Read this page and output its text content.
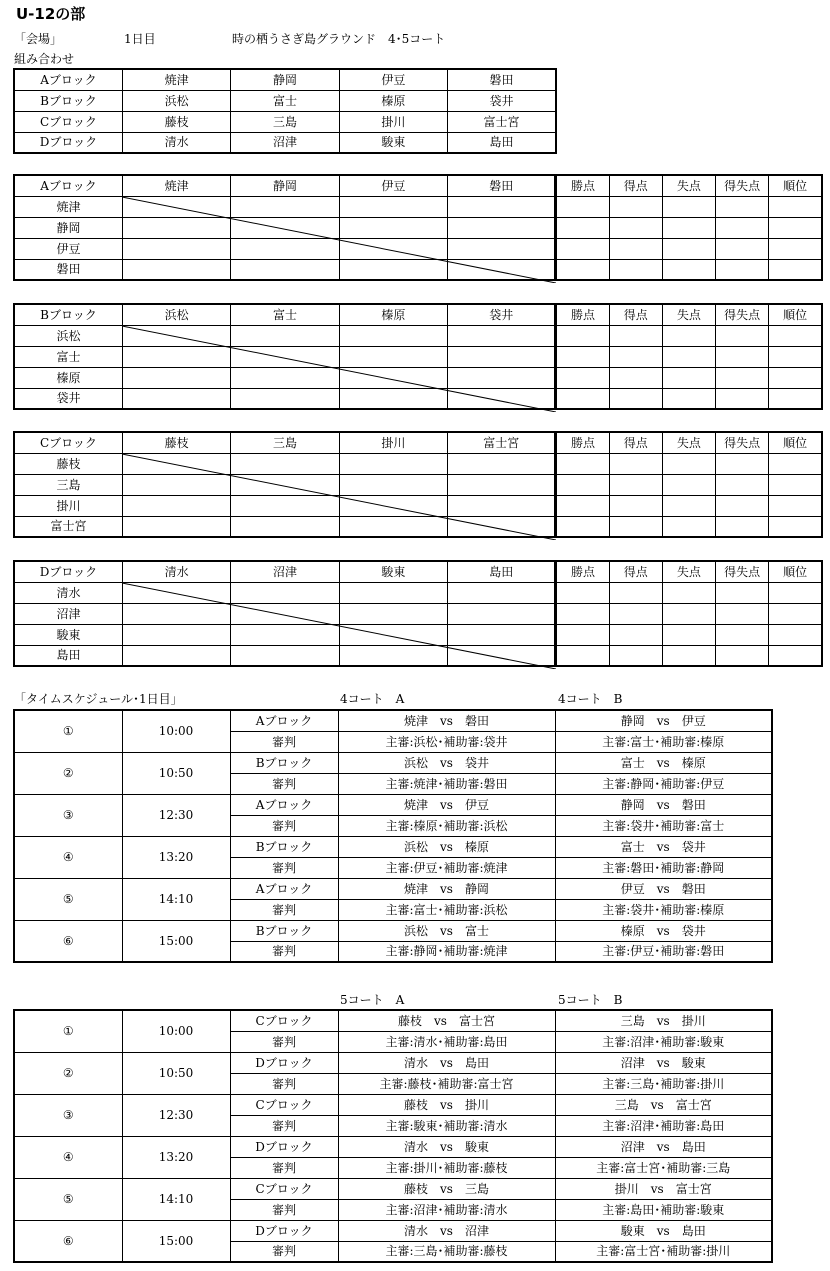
U-12の部
「会場」	1日目	時の栖うさぎ島グラウンド　4･5コート
組み合わせ
Aブロック	焼津	静岡	伊豆	磐田
Bブロック	浜松	富士	榛原	袋井
Cブロック	藤枝	三島	掛川	富士宮
Dブロック	清水	沼津	駿東	島田
Aブロック	焼津	静岡	伊豆	磐田	勝点	得点	失点	得失点	順位
焼津									
静岡									
伊豆									
磐田									
Bブロック	浜松	富士	榛原	袋井	勝点	得点	失点	得失点	順位
浜松									
富士									
榛原									
袋井									
Cブロック	藤枝	三島	掛川	富士宮	勝点	得点	失点	得失点	順位
藤枝									
三島									
掛川									
富士宮									
Dブロック	清水	沼津	駿東	島田	勝点	得点	失点	得失点	順位
清水									
沼津									
駿東									
島田									
「タイムスケジュール･1日目」	4コート　A	4コート　B
①	10:00	Aブロック	焼津　vs　磐田	静岡　vs　伊豆
		審判	主審:浜松･補助審:袋井	主審:富士･補助審:榛原
②	10:50	Bブロック	浜松　vs　袋井	富士　vs　榛原
		審判	主審:焼津･補助審:磐田	主審:静岡･補助審:伊豆
③	12:30	Aブロック	焼津　vs　伊豆	静岡　vs　磐田
		審判	主審:榛原･補助審:浜松	主審:袋井･補助審:富士
④	13:20	Bブロック	浜松　vs　榛原	富士　vs　袋井
		審判	主審:伊豆･補助審:焼津	主審:磐田･補助審:静岡
⑤	14:10	Aブロック	焼津　vs　静岡	伊豆　vs　磐田
		審判	主審:富士･補助審:浜松	主審:袋井･補助審:榛原
⑥	15:00	Bブロック	浜松　vs　富士	榛原　vs　袋井
		審判	主審:静岡･補助審:焼津	主審:伊豆･補助審:磐田
5コート　A	5コート　B
①	10:00	Cブロック	藤枝　vs　富士宮	三島　vs　掛川
		審判	主審:清水･補助審:島田	主審:沼津･補助審:駿東
②	10:50	Dブロック	清水　vs　島田	沼津　vs　駿東
		審判	主審:藤枝･補助審:富士宮	主審:三島･補助審:掛川
③	12:30	Cブロック	藤枝　vs　掛川	三島　vs　富士宮
		審判	主審:駿東･補助審:清水	主審:沼津･補助審:島田
④	13:20	Dブロック	清水　vs　駿東	沼津　vs　島田
		審判	主審:掛川･補助審:藤枝	主審:富士宮･補助審:三島
⑤	14:10	Cブロック	藤枝　vs　三島	掛川　vs　富士宮
		審判	主審:沼津･補助審:清水	主審:島田･補助審:駿東
⑥	15:00	Dブロック	清水　vs　沼津	駿東　vs　島田
		審判	主審:三島･補助審:藤枝	主審:富士宮･補助審:掛川
